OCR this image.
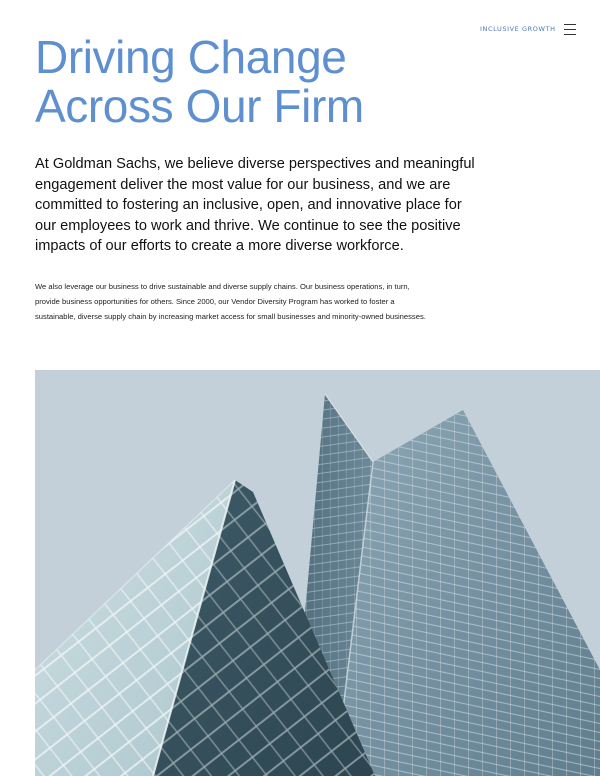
INCLUSIVE GROWTH
Driving Change
Across Our Firm

At Goldman Sachs, we believe diverse perspectives and meaningful
engagement deliver the most value for our business, and we are
committed to fostering an inclusive, open, and innovative place for
our employees to work and thrive. We continue to see the positive
impacts of our efforts to create a more diverse workforce.

We also leverage our business to drive sustainable and diverse supply chains. Our business operations, in turn,
provide business opportunities for others. Since 2000, our Vendor Diversity Program has worked to foster a
sustainable, diverse supply chain by increasing market access for small businesses and minority-owned businesses.
